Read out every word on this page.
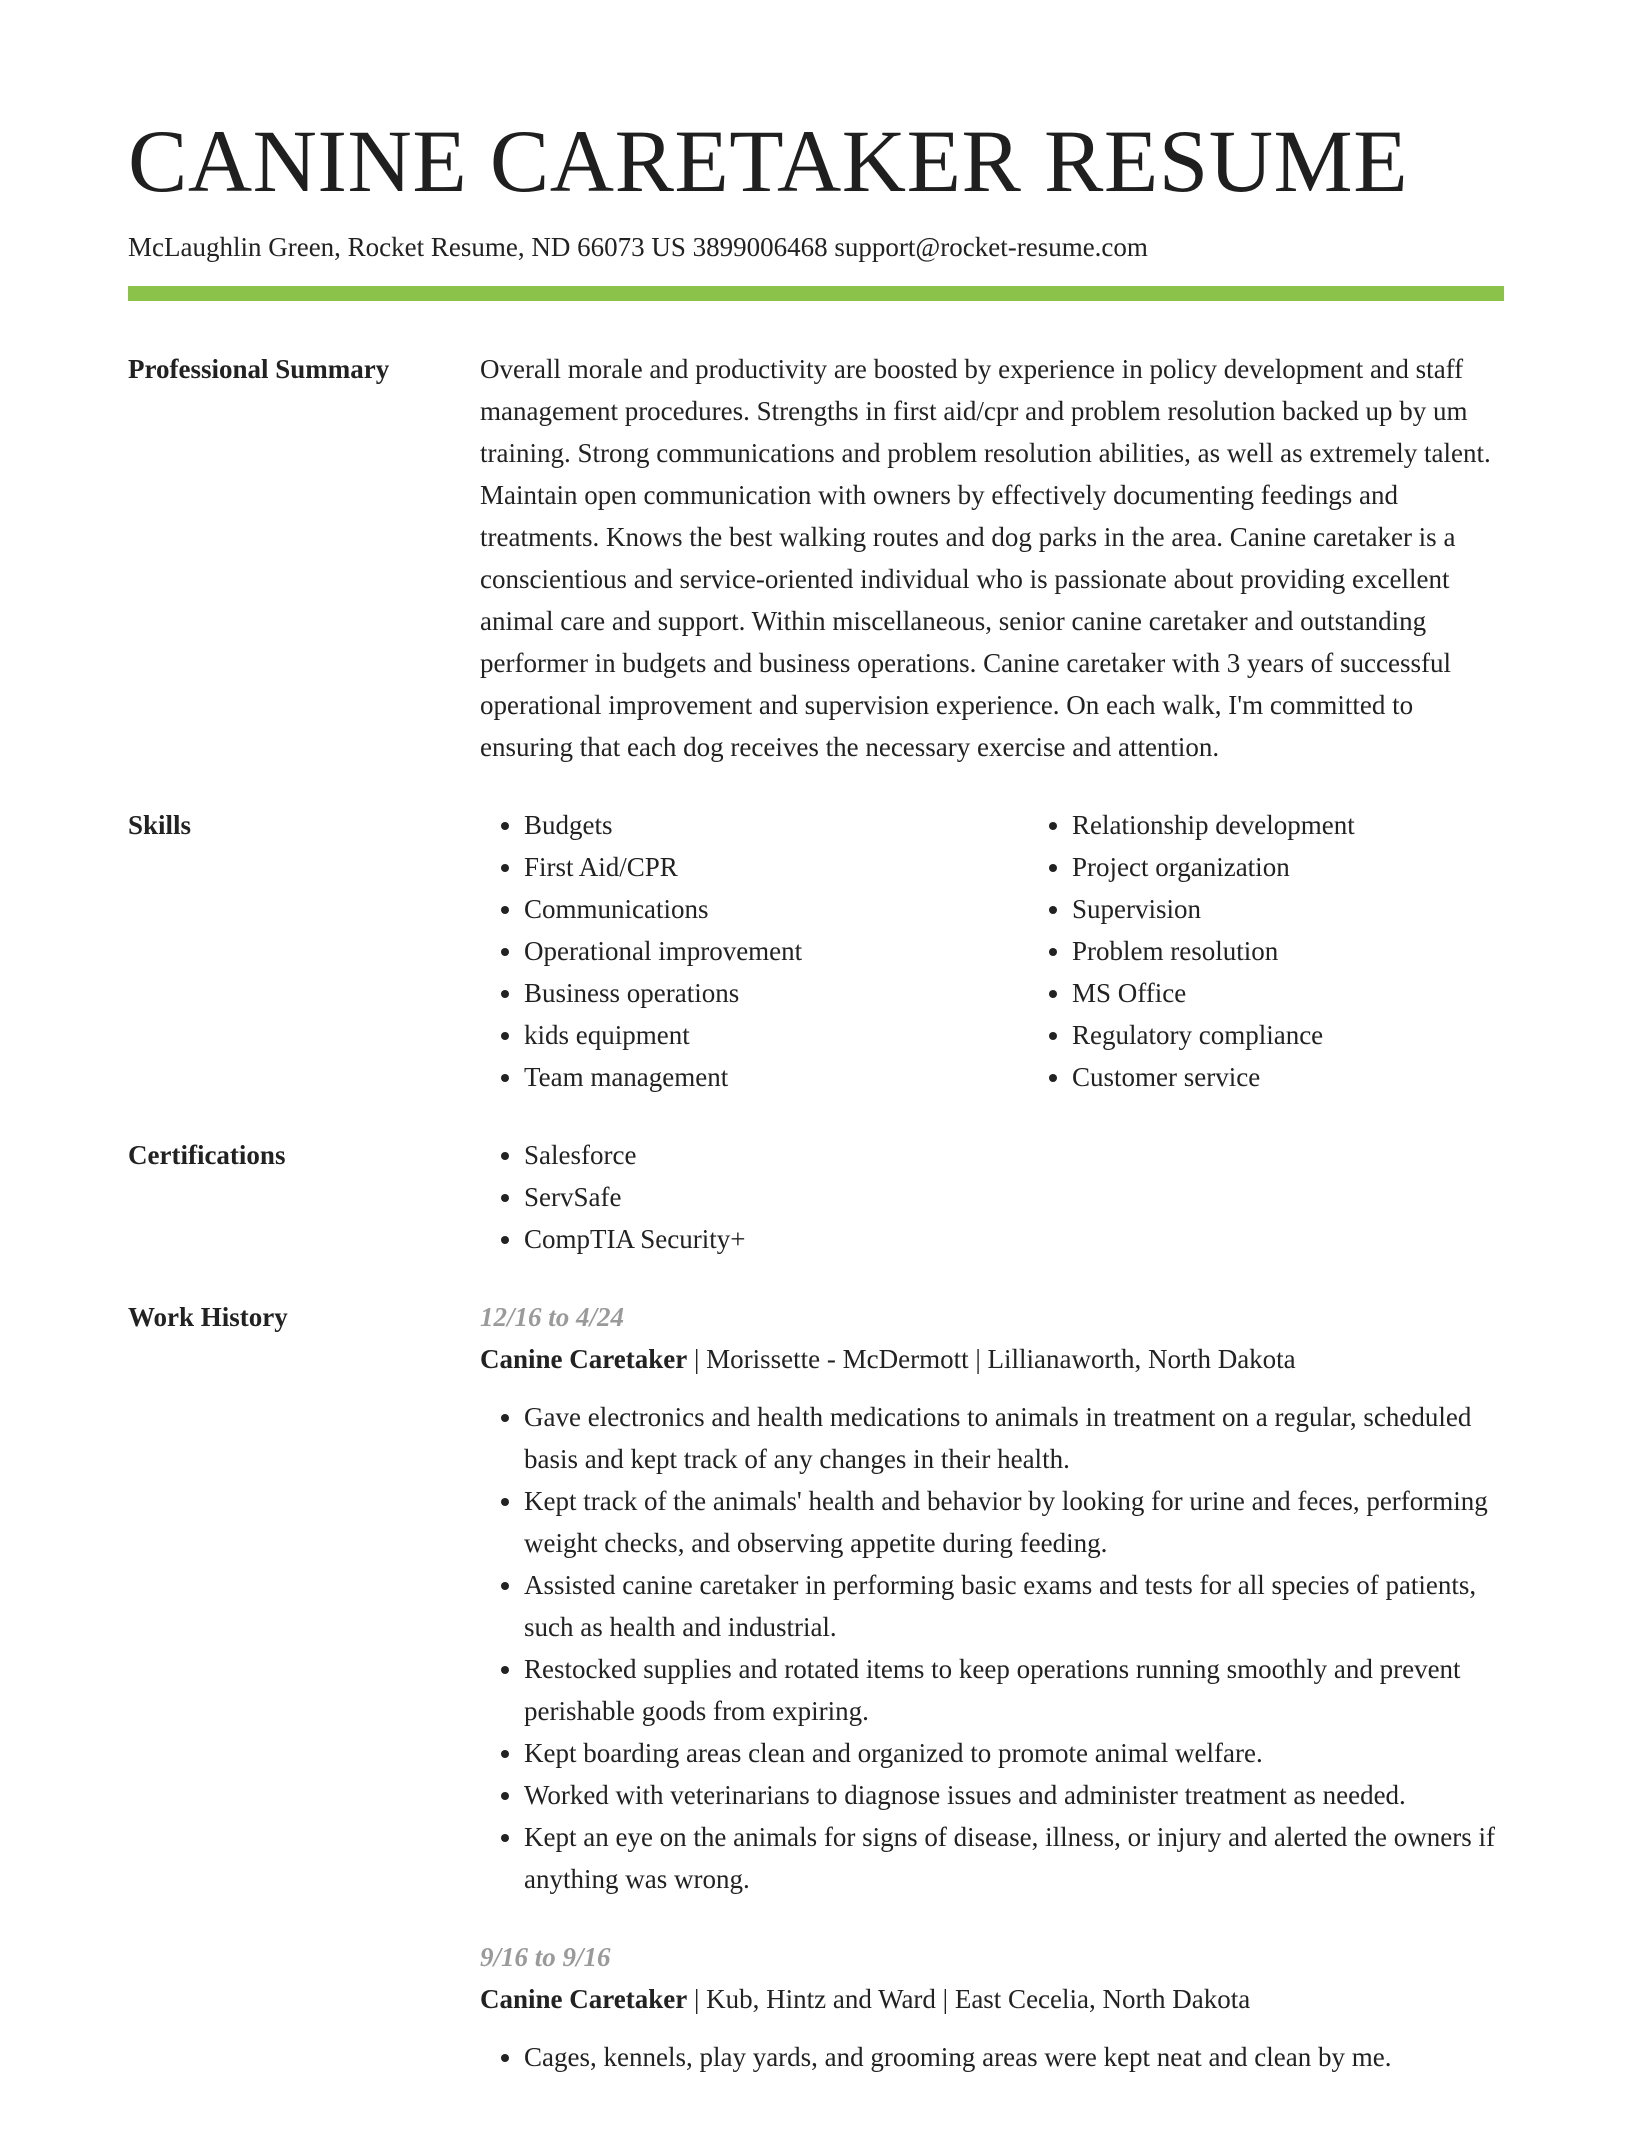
CANINE CARETAKER RESUME
McLaughlin Green, Rocket Resume, ND 66073 US 3899006468 support@rocket-resume.com
Professional Summary	Overall morale and productivity are boosted by experience in policy development and staff management procedures. Strengths in first aid/cpr and problem resolution backed up by um training. Strong communications and problem resolution abilities, as well as extremely talent. Maintain open communication with owners by effectively documenting feedings and treatments. Knows the best walking routes and dog parks in the area. Canine caretaker is a conscientious and service-oriented individual who is passionate about providing excellent animal care and support. Within miscellaneous, senior canine caretaker and outstanding performer in budgets and business operations. Canine caretaker with 3 years of successful operational improvement and supervision experience. On each walk, I'm committed to ensuring that each dog receives the necessary exercise and attention.

Skills	• Budgets
• First Aid/CPR
• Communications
• Operational improvement
• Business operations
• kids equipment
• Team management
• Relationship development
• Project organization
• Supervision
• Problem resolution
• MS Office
• Regulatory compliance
• Customer service
Certifications	• Salesforce
• ServSafe
• CompTIA Security+
Work History	12/16 to 4/24
Canine Caretaker | Morissette - McDermott | Lillianaworth, North Dakota
• Gave electronics and health medications to animals in treatment on a regular, scheduled basis and kept track of any changes in their health.
• Kept track of the animals' health and behavior by looking for urine and feces, performing weight checks, and observing appetite during feeding.
• Assisted canine caretaker in performing basic exams and tests for all species of patients, such as health and industrial.
• Restocked supplies and rotated items to keep operations running smoothly and prevent perishable goods from expiring.
• Kept boarding areas clean and organized to promote animal welfare.
• Worked with veterinarians to diagnose issues and administer treatment as needed.
• Kept an eye on the animals for signs of disease, illness, or injury and alerted the owners if anything was wrong.
9/16 to 9/16
Canine Caretaker | Kub, Hintz and Ward | East Cecelia, North Dakota
• Cages, kennels, play yards, and grooming areas were kept neat and clean by me.
